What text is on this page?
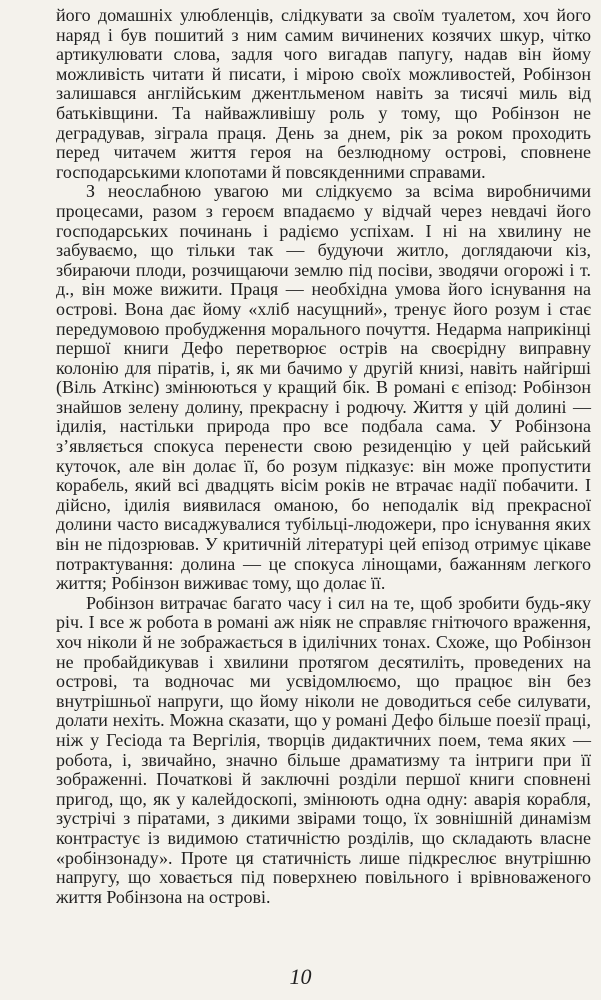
його домашніх улюбленців, слідкувати за своїм туалетом, хоч його наряд і був пошитий з ним самим вичинених козячих шкур, чітко артикулювати слова, задля чого вигадав папугу, надав він йому можливість читати й писати, і мірою своїх можливостей, Робінзон залишався англійським джентльменом навіть за тисячі миль від батьківщини. Та найважливішу роль у тому, що Робінзон не деградував, зіграла праця. День за днем, рік за роком проходить перед читачем життя героя на безлюдному острові, сповнене господарськими клопотами й повсякденними справами.

З неослабною увагою ми слідкуємо за всіма виробничими процесами, разом з героєм впадаємо у відчай через невдачі його господарських починань і радіємо успіхам. І ні на хвилину не забуваємо, що тільки так — будуючи житло, доглядаючи кіз, збираючи плоди, розчищаючи землю під посіви, зводячи огорожі і т. д., він може вижити. Праця — необхідна умова його існування на острові. Вона дає йому «хліб насущний», тренує його розум і стає передумовою пробудження морального почуття. Недарма наприкінці першої книги Дефо перетворює острів на своєрідну виправну колонію для піратів, і, як ми бачимо у другій книзі, навіть найгірші (Віль Аткінс) змінюються у кращий бік. В романі є епізод: Робінзон знайшов зелену долину, прекрасну і родючу. Життя у цій долині — ідилія, настільки природа про все подбала сама. У Робінзона з’являється спокуса перенести свою резиденцію у цей райський куточок, але він долає її, бо розум підказує: він може пропустити корабель, який всі двадцять вісім років не втрачає надії побачити. І дійсно, ідилія виявилася оманою, бо неподалік від прекрасної долини часто висаджувалися тубільці-людожери, про існування яких він не підозрював. У критичній літературі цей епізод отримує цікаве потрактування: долина — це спокуса лінощами, бажанням легкого життя; Робінзон виживає тому, що долає її.

Робінзон витрачає багато часу і сил на те, щоб зробити будь-яку річ. І все ж робота в романі аж ніяк не справляє гнітючого враження, хоч ніколи й не зображається в ідилічних тонах. Схоже, що Робінзон не пробайдикував і хвилини протягом десятиліть, проведених на острові, та водночас ми усвідомлюємо, що працює він без внутрішньої напруги, що йому ніколи не доводиться себе силувати, долати нехіть. Можна сказати, що у романі Дефо більше поезії праці, ніж у Гесіода та Вергілія, творців дидактичних поем, тема яких — робота, і, звичайно, значно більше драматизму та інтриги при її зображенні. Початкові й заключні розділи першої книги сповнені пригод, що, як у калейдоскопі, змінюють одна одну: аварія корабля, зустрічі з піратами, з дикими звірами тощо, їх зовнішній динамізм контрастує із видимою статичністю розділів, що складають власне «робінзонаду». Проте ця статичність лише підкреслює внутрішню напругу, що ховається під поверхнею повільного і врівноваженого життя Робінзона на острові.

10
